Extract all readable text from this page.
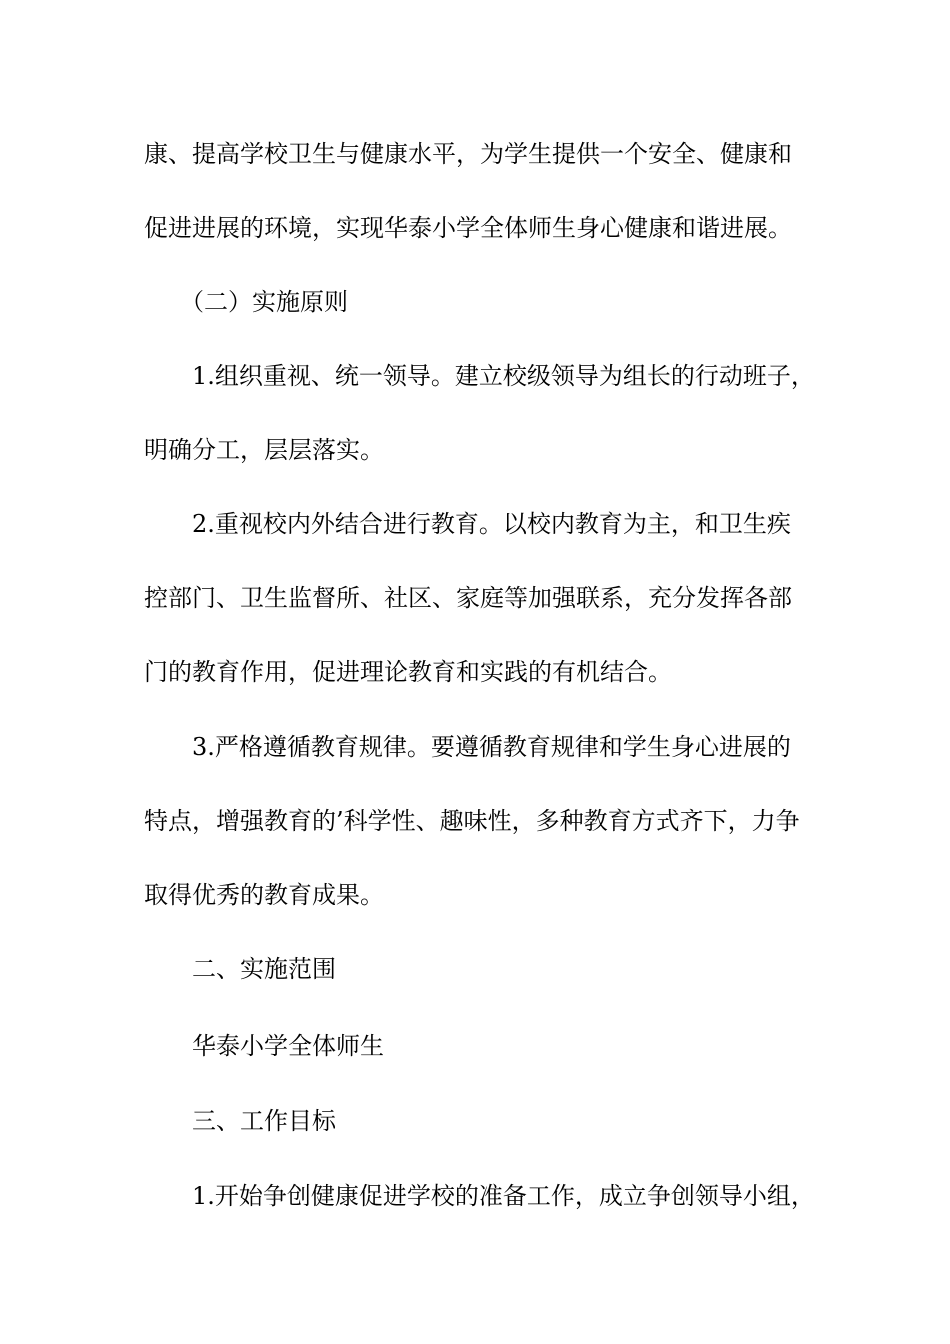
康、提高学校卫生与健康水平，为学生提供一个安全、健康和
促进进展的环境，实现华泰小学全体师生身心健康和谐进展。
（二）实施原则
1.组织重视、统一领导。建立校级领导为组长的行动班子，
明确分工，层层落实。
2.重视校内外结合进行教育。以校内教育为主，和卫生疾
控部门、卫生监督所、社区、家庭等加强联系，充分发挥各部
门的教育作用，促进理论教育和实践的有机结合。
3.严格遵循教育规律。要遵循教育规律和学生身心进展的
特点，增强教育的’科学性、趣味性，多种教育方式齐下，力争
取得优秀的教育成果。
二、实施范围
华泰小学全体师生
三、工作目标
1.开始争创健康促进学校的准备工作，成立争创领导小组，
